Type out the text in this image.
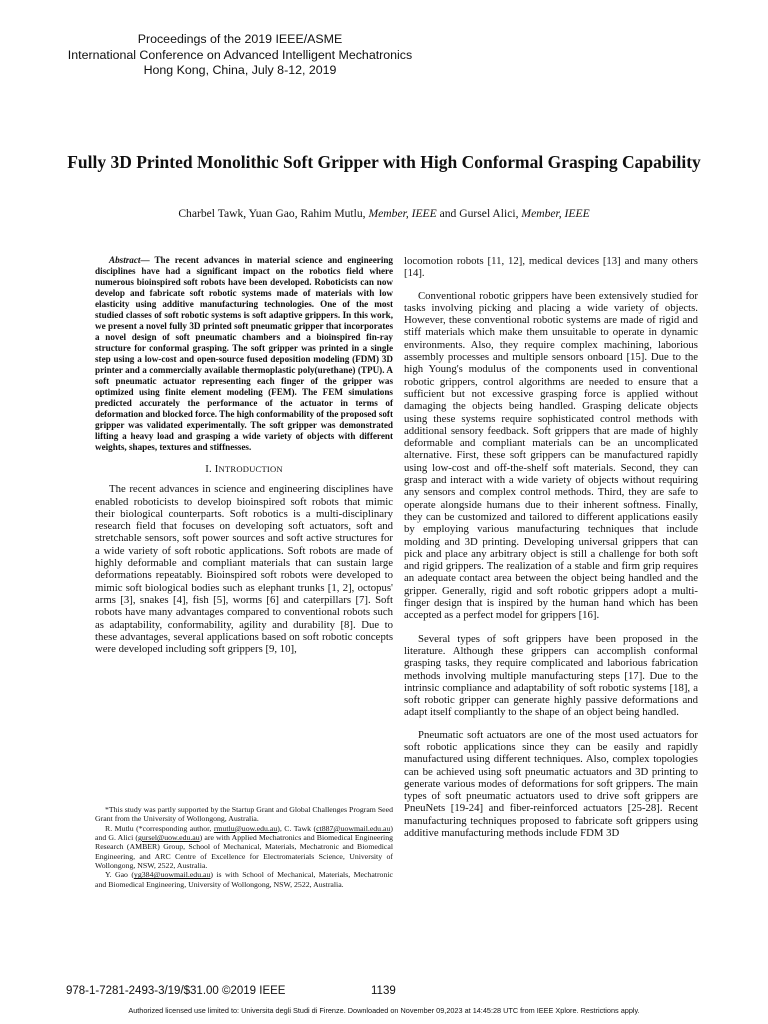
Proceedings of the 2019 IEEE/ASME
International Conference on Advanced Intelligent Mechatronics
Hong Kong, China, July 8-12, 2019
Fully 3D Printed Monolithic Soft Gripper with High Conformal Grasping Capability
Charbel Tawk, Yuan Gao, Rahim Mutlu, Member, IEEE and Gursel Alici, Member, IEEE

Abstract— The recent advances in material science and engineering disciplines have had a significant impact on the robotics field where numerous bioinspired soft robots have been developed. Roboticists can now develop and fabricate soft robotic systems made of materials with low elasticity using additive manufacturing technologies. One of the most studied classes of soft robotic systems is soft adaptive grippers. In this work, we present a novel fully 3D printed soft pneumatic gripper that incorporates a novel design of soft pneumatic chambers and a bioinspired fin-ray structure for conformal grasping. The soft gripper was printed in a single step using a low-cost and open-source fused deposition modeling (FDM) 3D printer and a commercially available thermoplastic poly(urethane) (TPU). A soft pneumatic actuator representing each finger of the gripper was optimized using finite element modeling (FEM). The FEM simulations predicted accurately the performance of the actuator in terms of deformation and blocked force. The high conformability of the proposed soft gripper was validated experimentally. The soft gripper was demonstrated lifting a heavy load and grasping a wide variety of objects with different weights, shapes, textures and stiffnesses.

I. INTRODUCTION

The recent advances in science and engineering disciplines have enabled roboticists to develop bioinspired soft robots that mimic their biological counterparts. Soft robotics is a multi-disciplinary research field that focuses on developing soft actuators, soft and stretchable sensors, soft power sources and soft active structures for a wide variety of soft robotic applications. Soft robots are made of highly deformable and compliant materials that can sustain large deformations repeatably. Bioinspired soft robots were developed to mimic soft biological bodies such as elephant trunks [1, 2], octopus' arms [3], snakes [4], fish [5], worms [6] and caterpillars [7]. Soft robots have many advantages compared to conventional robots such as adaptability, conformability, agility and durability [8]. Due to these advantages, several applications based on soft robotic concepts were developed including soft grippers [9, 10],

*This study was partly supported by the Startup Grant and Global Challenges Program Seed Grant from the University of Wollongong, Australia.

R. Mutlu (*corresponding author, rmutlu@uow.edu.au), C. Tawk (ct887@uowmail.edu.au) and G. Alici (gursel@uow.edu.au) are with Applied Mechatronics and Biomedical Engineering Research (AMBER) Group, School of Mechanical, Materials, Mechatronic and Biomedical Engineering, and ARC Centre of Excellence for Electromaterials Science, University of Wollongong, NSW, 2522, Australia.

Y. Gao (yg384@uowmail.edu.au) is with School of Mechanical, Materials, Mechatronic and Biomedical Engineering, University of Wollongong, NSW, 2522, Australia.

locomotion robots [11, 12], medical devices [13] and many others [14].

Conventional robotic grippers have been extensively studied for tasks involving picking and placing a wide variety of objects. However, these conventional robotic systems are made of rigid and stiff materials which make them unsuitable to operate in dynamic environments. Also, they require complex machining, laborious assembly processes and multiple sensors onboard [15]. Due to the high Young's modulus of the components used in conventional robotic grippers, control algorithms are needed to ensure that a sufficient but not excessive grasping force is applied without damaging the objects being handled. Grasping delicate objects using these systems require sophisticated control methods with additional sensory feedback. Soft grippers that are made of highly deformable and compliant materials can be an uncomplicated alternative. First, these soft grippers can be manufactured rapidly using low-cost and off-the-shelf soft materials. Second, they can grasp and interact with a wide variety of objects without requiring any sensors and complex control methods. Third, they are safe to operate alongside humans due to their inherent softness. Finally, they can be customized and tailored to different applications easily by employing various manufacturing techniques that include molding and 3D printing. Developing universal grippers that can pick and place any arbitrary object is still a challenge for both soft and rigid grippers. The realization of a stable and firm grip requires an adequate contact area between the object being handled and the gripper. Generally, rigid and soft robotic grippers adopt a multi-finger design that is inspired by the human hand which has been accepted as a perfect model for grippers [16].

Several types of soft grippers have been proposed in the literature. Although these grippers can accomplish conformal grasping tasks, they require complicated and laborious fabrication methods involving multiple manufacturing steps [17]. Due to the intrinsic compliance and adaptability of soft robotic systems [18], a soft robotic gripper can generate highly passive deformations and adapt itself compliantly to the shape of an object being handled.

Pneumatic soft actuators are one of the most used actuators for soft robotic applications since they can be easily and rapidly manufactured using different techniques. Also, complex topologies can be achieved using soft pneumatic actuators and 3D printing to generate various modes of deformations for soft grippers. The main types of soft pneumatic actuators used to drive soft grippers are PneuNets [19-24] and fiber-reinforced actuators [25-28]. Recent manufacturing techniques proposed to fabricate soft grippers using additive manufacturing methods include FDM 3D

978-1-7281-2493-3/19/$31.00 ©2019 IEEE	1139
Authorized licensed use limited to: Universita degli Studi di Firenze. Downloaded on November 09,2023 at 14:45:28 UTC from IEEE Xplore. Restrictions apply.
